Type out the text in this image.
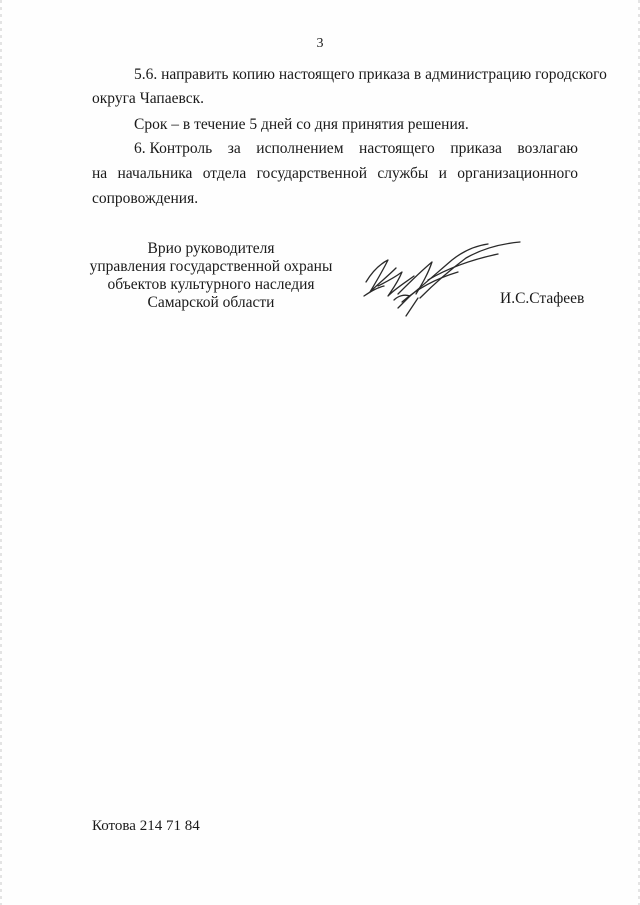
3
5.6. направить копию настоящего приказа в администрацию городского
округа Чапаевск.
Срок – в течение 5 дней со дня принятия решения.
6. Контроль за исполнением настоящего приказа возлагаю
на начальника отдела государственной службы и организационного
сопровождения.
Врио руководителя
управления государственной охраны
объектов культурного наследия
Самарской области	И.С.Стафеев
Котова 214 71 84
